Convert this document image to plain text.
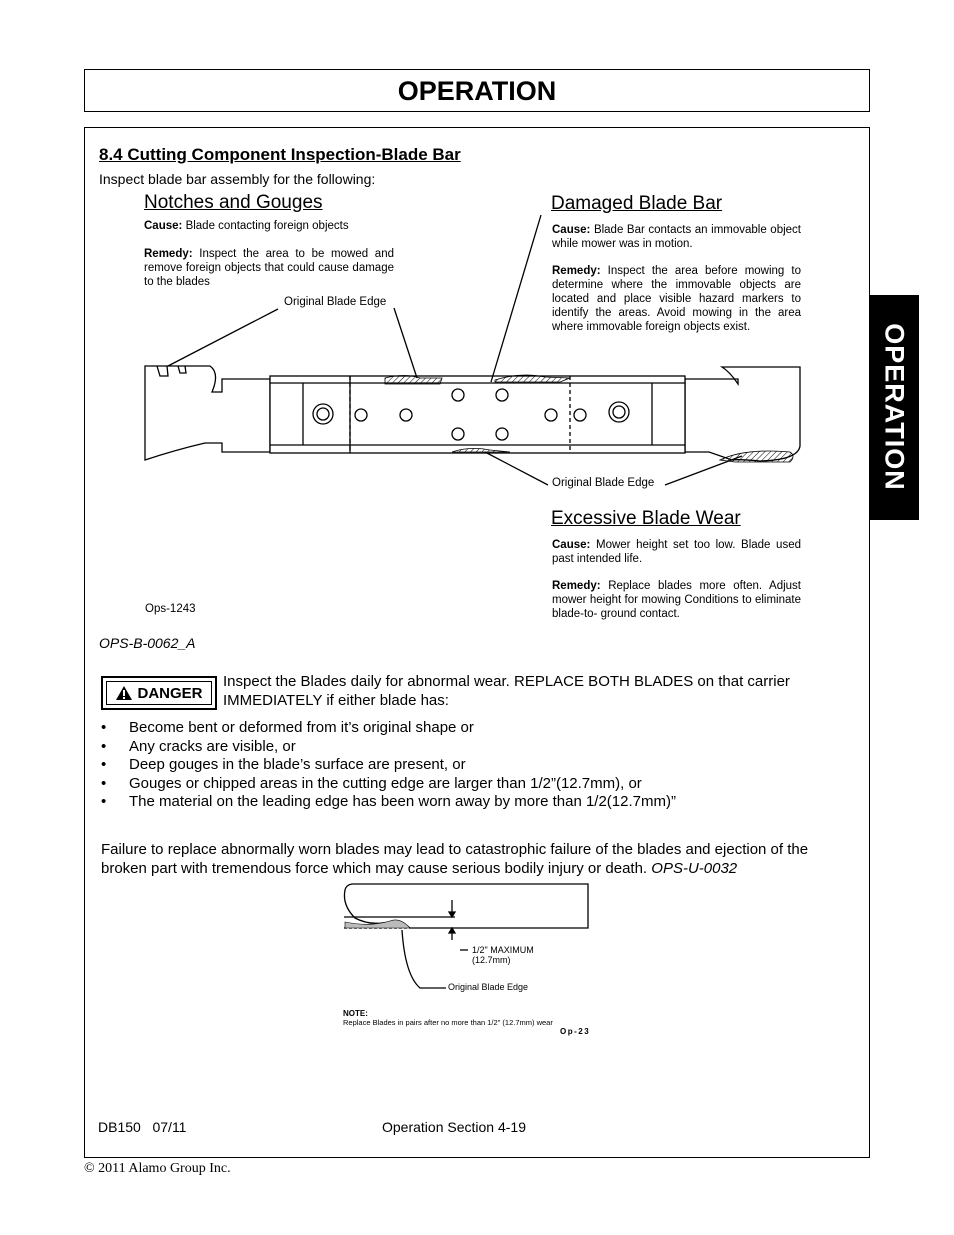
OPERATION
OPERATION
8.4 Cutting Component Inspection-Blade Bar
Inspect blade bar assembly for the following:
Notches and Gouges
Cause: Blade contacting foreign objects
Remedy: Inspect the area to be mowed and remove foreign objects that could cause damage to the blades
Damaged Blade Bar
Cause: Blade Bar contacts an immovable object while mower was in motion.
Remedy: Inspect the area before mowing to determine where the immovable objects are located and place visible hazard markers to identify the areas. Avoid mowing in the area where immovable foreign objects exist.
Original Blade Edge
Original Blade Edge
Excessive Blade Wear
Cause: Mower height set too low. Blade used past intended life.
Remedy: Replace blades more often. Adjust mower height for mowing Conditions to eliminate blade-to- ground contact.
Ops-1243
OPS-B-0062_A
DANGER
Inspect the Blades daily for abnormal wear. REPLACE BOTH BLADES on that carrier IMMEDIATELY if either blade has:
• Become bent or deformed from it’s original shape or
• Any cracks are visible, or
• Deep gouges in the blade’s surface are present, or
• Gouges or chipped areas in the cutting edge are larger than 1/2”(12.7mm), or
• The material on the leading edge has been worn away by more than 1/2(12.7mm)”
Failure to replace abnormally worn blades may lead to catastrophic failure of the blades and ejection of the broken part with tremendous force which may cause serious bodily injury or death. OPS-U-0032
1/2" MAXIMUM
(12.7mm)
Original Blade Edge
NOTE:
Replace Blades in pairs after no more than 1/2" (12.7mm) wear
Op-23
DB150   07/11	Operation Section 4-19
© 2011 Alamo Group Inc.
